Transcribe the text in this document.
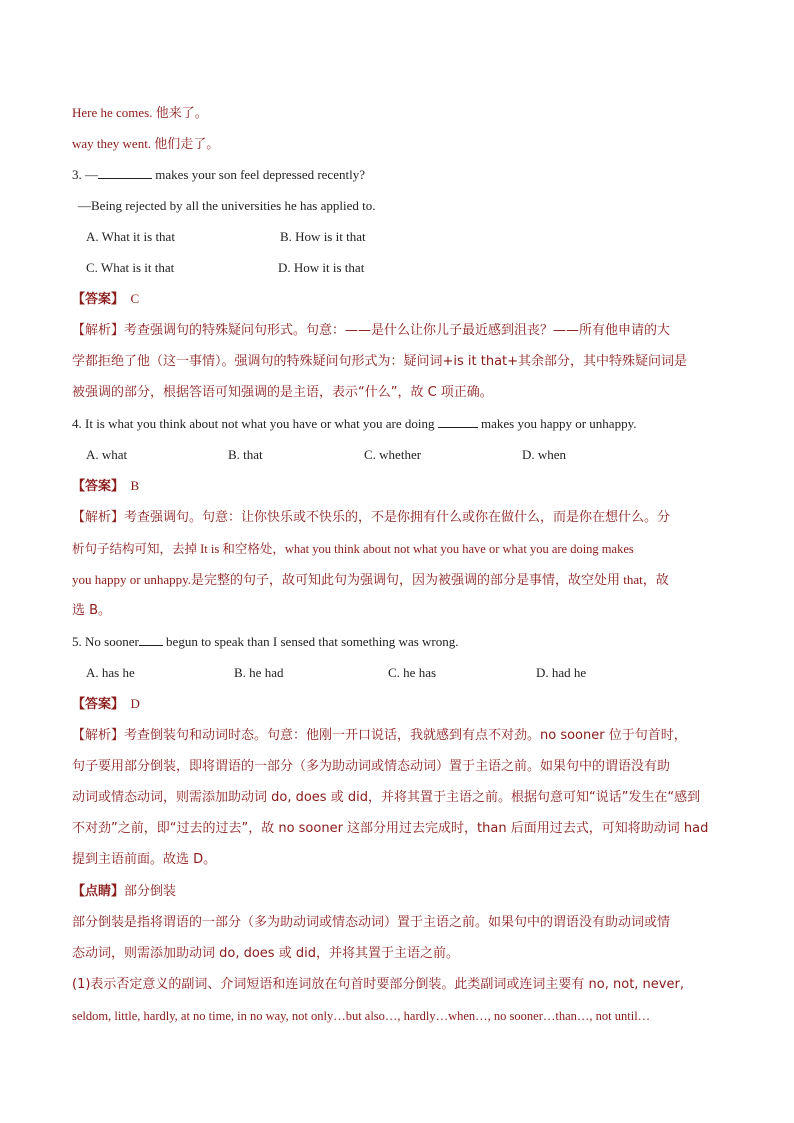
Here he comes. 他来了。
way they went. 他们走了。
3. —	makes your son feel depressed recently?
—Being rejected by all the universities he has applied to.
A. What it is that	B. How is it that
C. What is it that	D. How it is that
【答案】 C
【解析】考查强调句的特殊疑问句形式。句意：——是什么让你儿子最近感到沮丧？——所有他申请的大
学都拒绝了他（这一事情）。强调句的特殊疑问句形式为：疑问词+is it that+其余部分，其中特殊疑问词是
被强调的部分，根据答语可知强调的是主语，表示“什么”，故 C 项正确。
4. It is what you think about not what you have or what you are doing	makes you happy or unhappy.
A. what	B. that	C. whether	D. when
【答案】 B
【解析】考查强调句。句意：让你快乐或不快乐的，不是你拥有什么或你在做什么，而是你在想什么。分
析句子结构可知，去掉 It is 和空格处，what you think about not what you have or what you are doing makes
you happy or unhappy.是完整的句子，故可知此句为强调句，因为被强调的部分是事情，故空处用 that，故
选 B。
5. No sooner begun to speak than I sensed that something was wrong.
A. has he	B. he had	C. he has	D. had he
【答案】 D
【解析】考查倒装句和动词时态。句意：他刚一开口说话，我就感到有点不对劲。no sooner 位于句首时，
句子要用部分倒装，即将谓语的一部分（多为助动词或情态动词）置于主语之前。如果句中的谓语没有助
动词或情态动词，则需添加助动词 do, does 或 did，并将其置于主语之前。根据句意可知“说话”发生在“感到
不对劲”之前，即“过去的过去”，故 no sooner 这部分用过去完成时，than 后面用过去式，可知将助动词 had
提到主语前面。故选 D。
【点睛】部分倒装
部分倒装是指将谓语的一部分（多为助动词或情态动词）置于主语之前。如果句中的谓语没有助动词或情
态动词，则需添加助动词 do, does 或 did，并将其置于主语之前。
(1)表示否定意义的副词、介词短语和连词放在句首时要部分倒装。此类副词或连词主要有 no, not, never,
seldom, little, hardly, at no time, in no way, not only…but also…, hardly…when…, no sooner…than…, not until…
